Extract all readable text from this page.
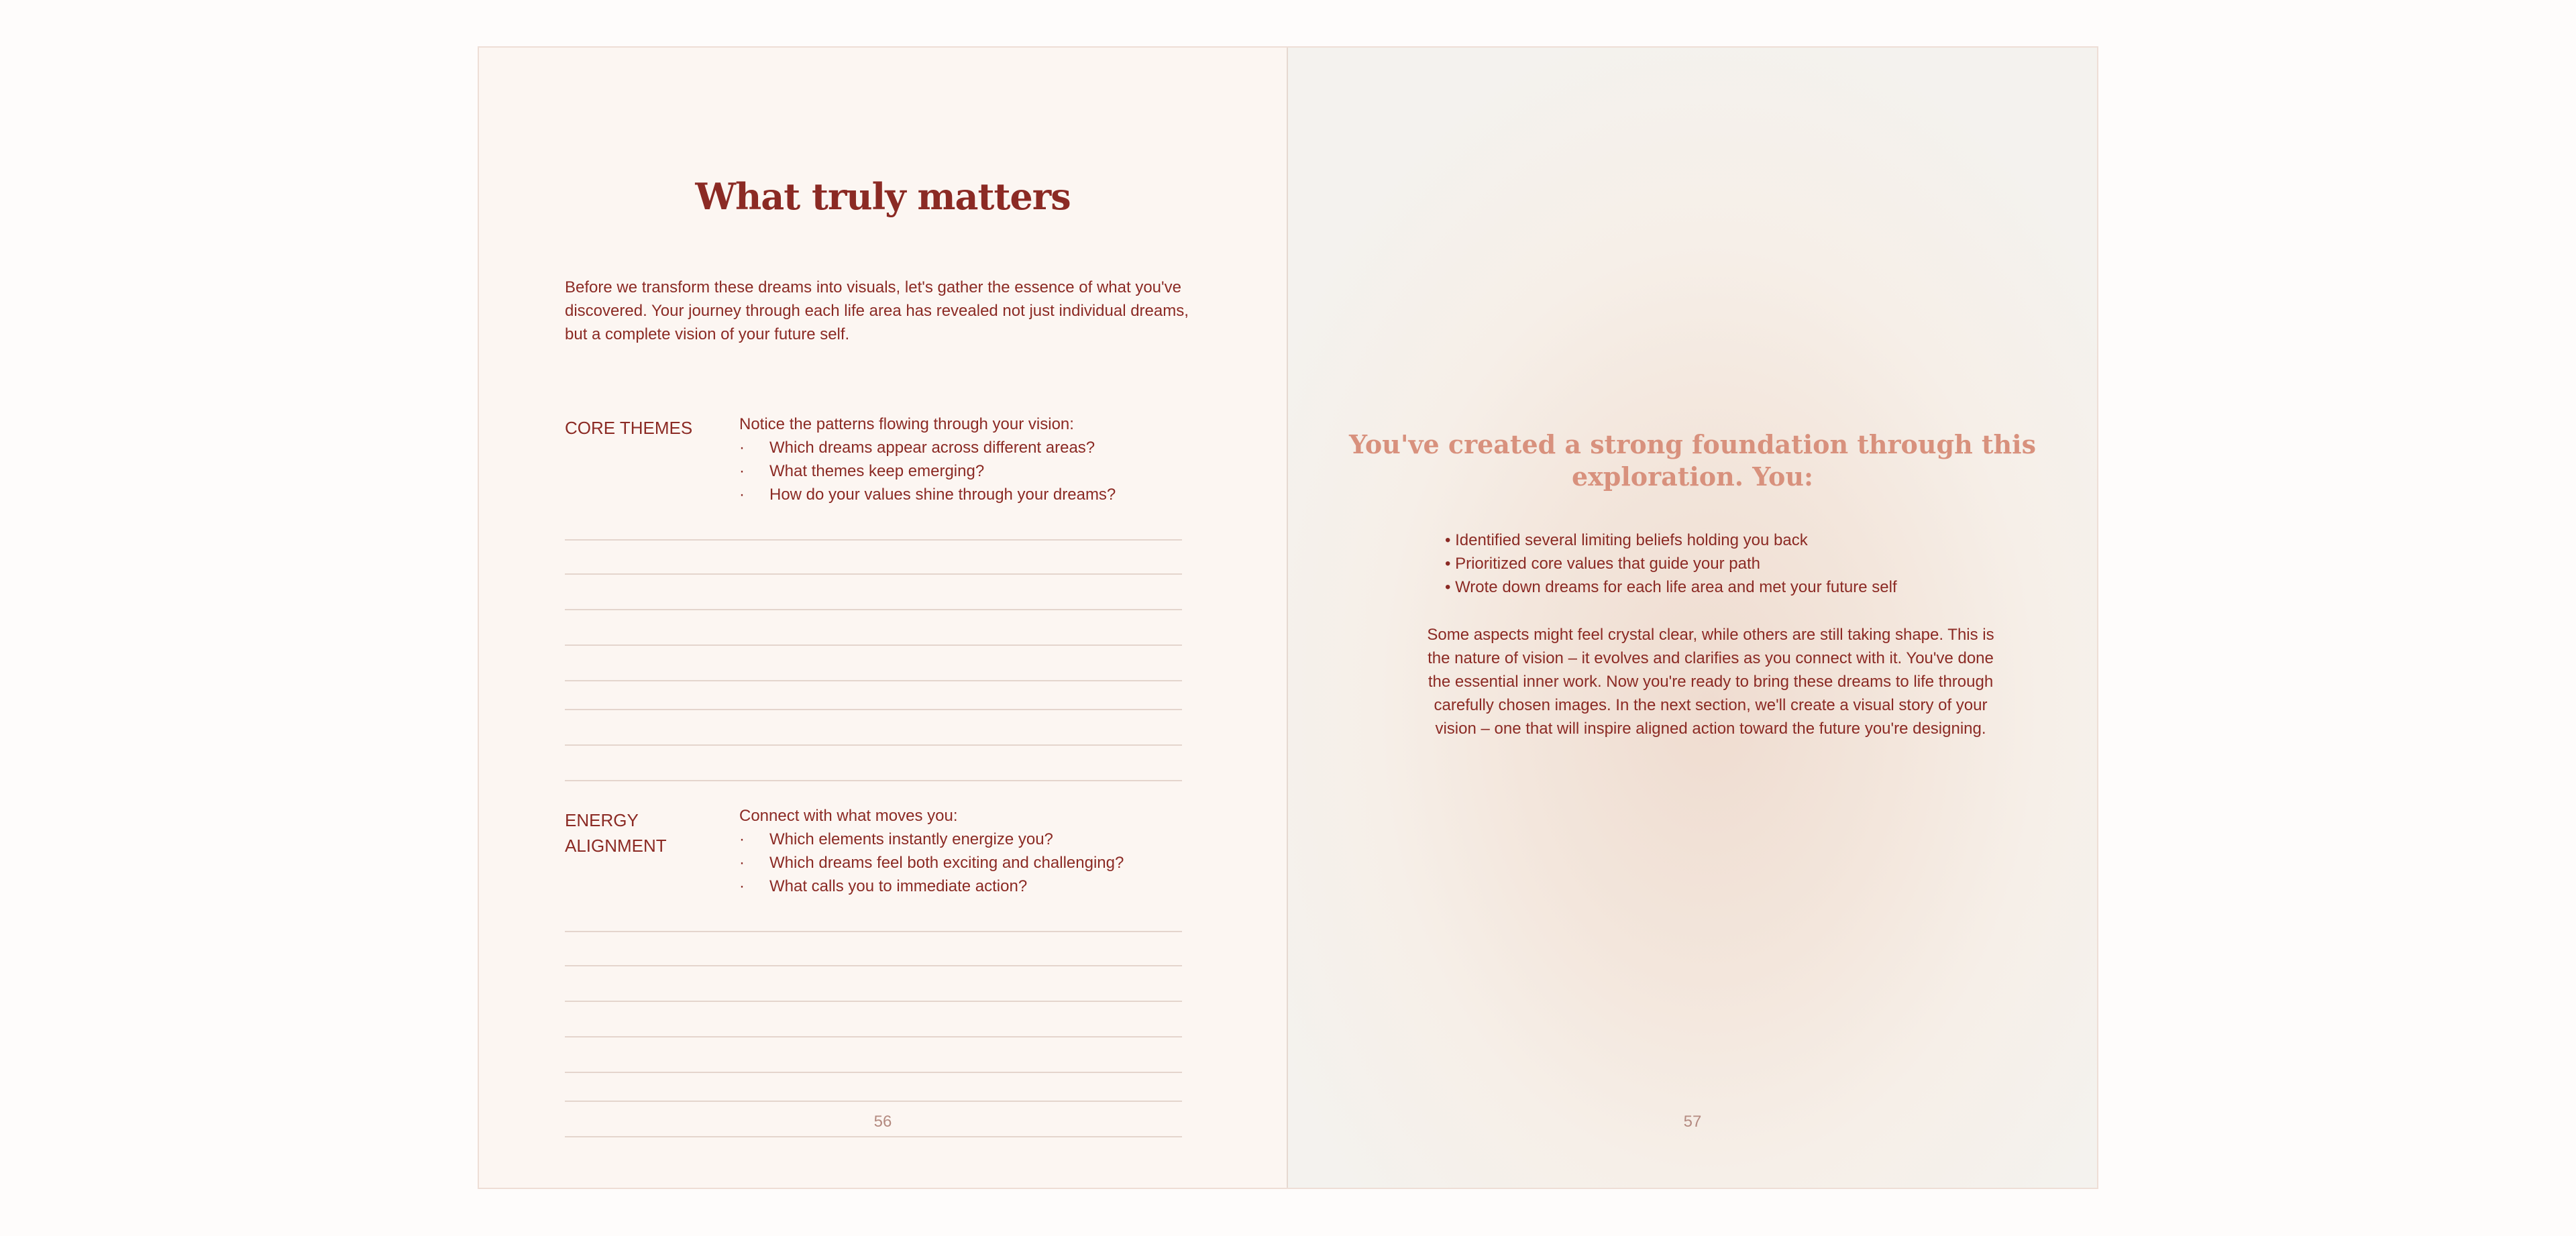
What truly matters

Before we transform these dreams into visuals, let's gather the essence of what you've discovered. Your journey through each life area has revealed not just individual dreams, but a complete vision of your future self.

CORE THEMES	Notice the patterns flowing through your vision:
· Which dreams appear across different areas?
· What themes keep emerging?
· How do your values shine through your dreams?
ENERGY ALIGNMENT
Connect with what moves you:
· Which elements instantly energize you?
· Which dreams feel both exciting and challenging?
· What calls you to immediate action?
56
You've created a strong foundation through this exploration. You:
• Identified several limiting beliefs holding you back
• Prioritized core values that guide your path
• Wrote down dreams for each life area and met your future self

Some aspects might feel crystal clear, while others are still taking shape. This is the nature of vision – it evolves and clarifies as you connect with it. You've done the essential inner work. Now you're ready to bring these dreams to life through carefully chosen images. In the next section, we'll create a visual story of your vision – one that will inspire aligned action toward the future you're designing.

57
